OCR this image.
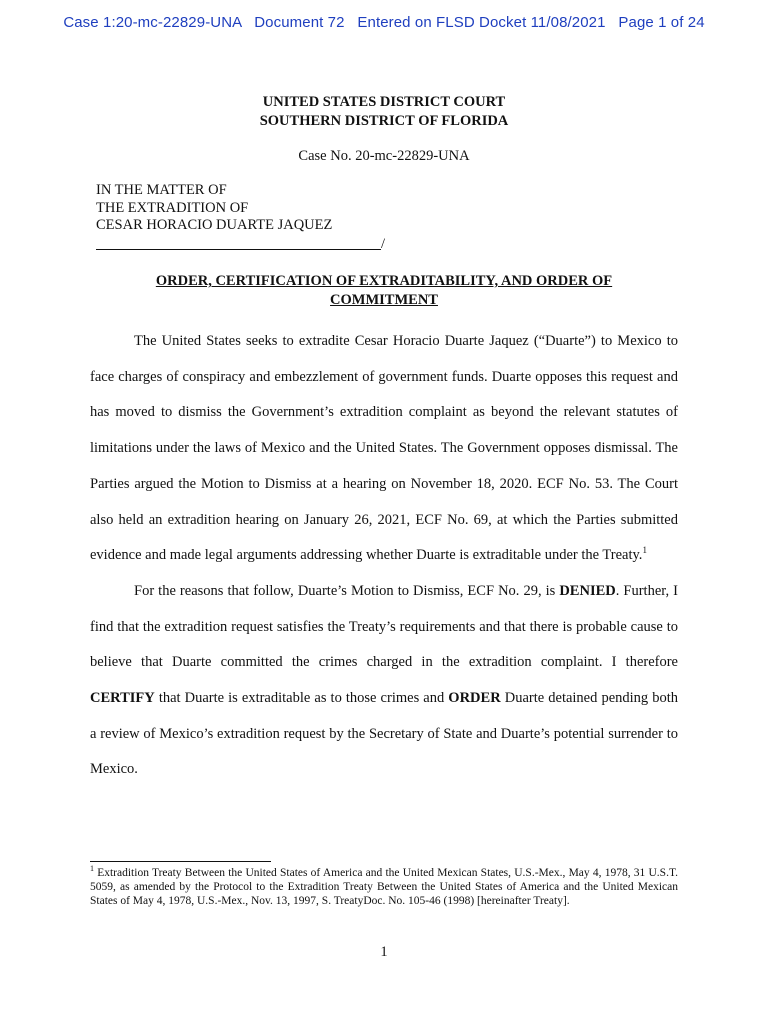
Case 1:20-mc-22829-UNA Document 72 Entered on FLSD Docket 11/08/2021 Page 1 of 24
UNITED STATES DISTRICT COURT
SOUTHERN DISTRICT OF FLORIDA
Case No. 20-mc-22829-UNA
IN THE MATTER OF
THE EXTRADITION OF
CESAR HORACIO DUARTE JAQUEZ
/
ORDER, CERTIFICATION OF EXTRADITABILITY, AND ORDER OF
COMMITMENT

The United States seeks to extradite Cesar Horacio Duarte Jaquez (“Duarte”) to Mexico to face charges of conspiracy and embezzlement of government funds. Duarte opposes this request and has moved to dismiss the Government’s extradition complaint as beyond the relevant statutes of limitations under the laws of Mexico and the United States. The Government opposes dismissal. The Parties argued the Motion to Dismiss at a hearing on November 18, 2020. ECF No. 53. The Court also held an extradition hearing on January 26, 2021, ECF No. 69, at which the Parties submitted evidence and made legal arguments addressing whether Duarte is extraditable under the Treaty.$^1$

For the reasons that follow, Duarte’s Motion to Dismiss, ECF No. 29, is DENIED. Further, I find that the extradition request satisfies the Treaty’s requirements and that there is probable cause to believe that Duarte committed the crimes charged in the extradition complaint. I therefore CERTIFY that Duarte is extraditable as to those crimes and ORDER Duarte detained pending both a review of Mexico’s extradition request by the Secretary of State and Duarte’s potential surrender to Mexico.

$^1$ Extradition Treaty Between the United States of America and the United Mexican States, U.S.-Mex., May 4, 1978, 31 U.S.T. 5059, as amended by the Protocol to the Extradition Treaty Between the United States of America and the United Mexican States of May 4, 1978, U.S.-Mex., Nov. 13, 1997, S. TreatyDoc. No. 105-46 (1998) [hereinafter Treaty].
1
